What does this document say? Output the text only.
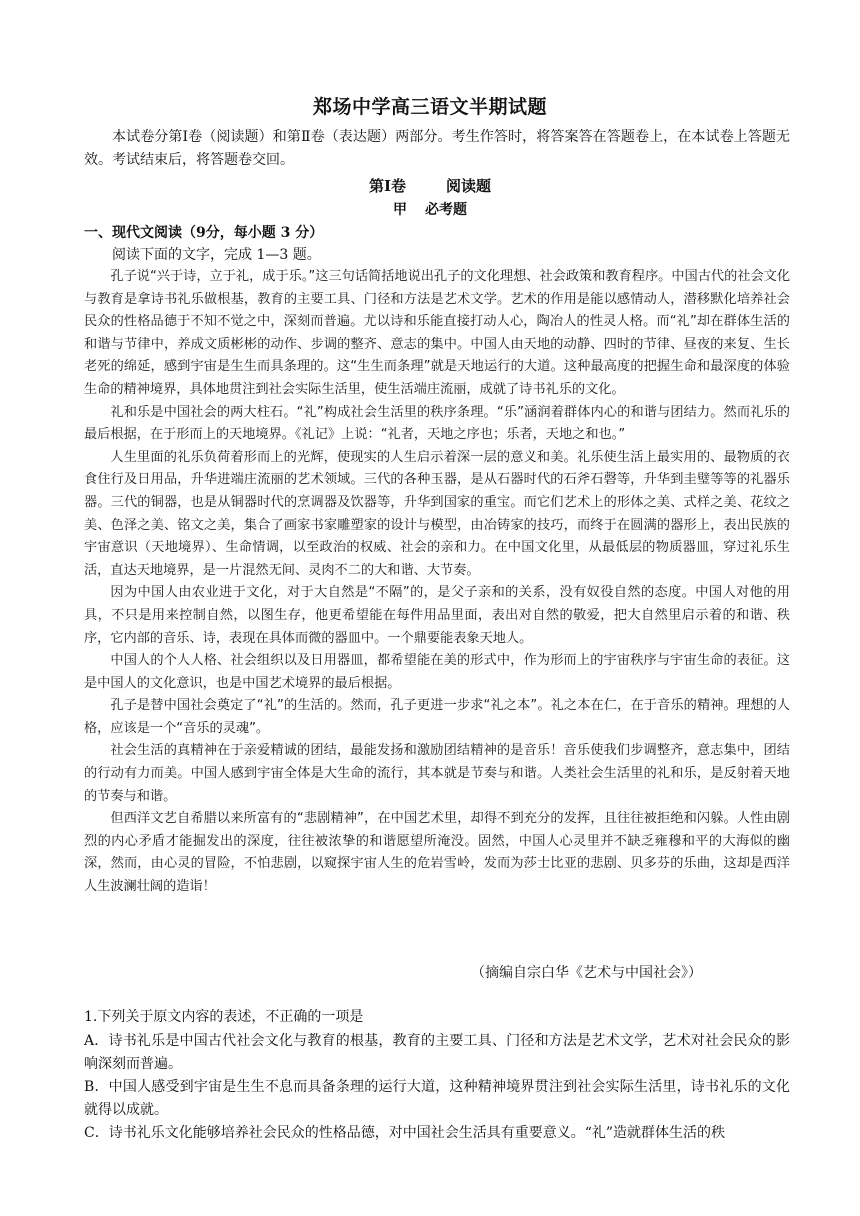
郑场中学高三语文半期试题
本试卷分第Ⅰ卷（阅读题）和第Ⅱ卷（表达题）两部分。考生作答时，将答案答在答题卷上，在本试卷上答题无效。考试结束后，将答题卷交回。
第Ⅰ卷	阅读题
甲 必考题
一、现代文阅读（9分，每小题 3 分）
阅读下面的文字，完成 1—3 题。

孔子说“兴于诗，立于礼，成于乐。”这三句话简括地说出孔子的文化理想、社会政策和教育程序。中国古代的社会文化与教育是拿诗书礼乐做根基，教育的主要工具、门径和方法是艺术文学。艺术的作用是能以感情动人，潜移默化培养社会民众的性格品德于不知不觉之中，深刻而普遍。尤以诗和乐能直接打动人心，陶冶人的性灵人格。而“礼”却在群体生活的和谐与节律中，养成文质彬彬的动作、步调的整齐、意志的集中。中国人由天地的动静、四时的节律、昼夜的来复、生长老死的绵延，感到宇宙是生生而具条理的。这“生生而条理”就是天地运行的大道。这种最高度的把握生命和最深度的体验生命的精神境界，具体地贯注到社会实际生活里，使生活端庄流丽，成就了诗书礼乐的文化。

礼和乐是中国社会的两大柱石。“礼”构成社会生活里的秩序条理。“乐”涵润着群体内心的和谐与团结力。然而礼乐的最后根据，在于形而上的天地境界。《礼记》上说：“礼者，天地之序也；乐者，天地之和也。”

人生里面的礼乐负荷着形而上的光辉，使现实的人生启示着深一层的意义和美。礼乐使生活上最实用的、最物质的衣食住行及日用品，升华进端庄流丽的艺术领域。三代的各种玉器，是从石器时代的石斧石磬等，升华到圭璧等等的礼器乐器。三代的铜器，也是从铜器时代的烹调器及饮器等，升华到国家的重宝。而它们艺术上的形体之美、式样之美、花纹之美、色泽之美、铭文之美，集合了画家书家雕塑家的设计与模型，由冶铸家的技巧，而终于在圆满的器形上，表出民族的宇宙意识（天地境界）、生命情调，以至政治的权威、社会的亲和力。在中国文化里，从最低层的物质器皿，穿过礼乐生活，直达天地境界，是一片混然无间、灵肉不二的大和谐、大节奏。

因为中国人由农业进于文化，对于大自然是“不隔”的，是父子亲和的关系，没有奴役自然的态度。中国人对他的用具，不只是用来控制自然，以图生存，他更希望能在每件用品里面，表出对自然的敬爱，把大自然里启示着的和谐、秩序，它内部的音乐、诗，表现在具体而微的器皿中。一个鼎要能表象天地人。

中国人的个人人格、社会组织以及日用器皿，都希望能在美的形式中，作为形而上的宇宙秩序与宇宙生命的表征。这是中国人的文化意识，也是中国艺术境界的最后根据。

孔子是替中国社会奠定了“礼”的生活的。然而，孔子更进一步求“礼之本”。礼之本在仁，在于音乐的精神。理想的人格，应该是一个“音乐的灵魂”。

社会生活的真精神在于亲爱精诚的团结，最能发扬和激励团结精神的是音乐！音乐使我们步调整齐，意志集中，团结的行动有力而美。中国人感到宇宙全体是大生命的流行，其本就是节奏与和谐。人类社会生活里的礼和乐，是反射着天地的节奏与和谐。

但西洋文艺自希腊以来所富有的“悲剧精神”，在中国艺术里，却得不到充分的发挥，且往往被拒绝和闪躲。人性由剧烈的内心矛盾才能掘发出的深度，往往被浓挚的和谐愿望所淹没。固然，中国人心灵里并不缺乏雍穆和平的大海似的幽深，然而，由心灵的冒险，不怕悲剧，以窥探宇宙人生的危岩雪岭，发而为莎士比亚的悲剧、贝多芬的乐曲，这却是西洋人生波澜壮阔的造诣！

（摘编自宗白华《艺术与中国社会》）

1.下列关于原文内容的表述，不正确的一项是

A．诗书礼乐是中国古代社会文化与教育的根基，教育的主要工具、门径和方法是艺术文学，艺术对社会民众的影响深刻而普遍。

B．中国人感受到宇宙是生生不息而具备条理的运行大道，这种精神境界贯注到社会实际生活里，诗书礼乐的文化就得以成就。

C．诗书礼乐文化能够培养社会民众的性格品德，对中国社会生活具有重要意义。“礼”造就群体生活的秩
